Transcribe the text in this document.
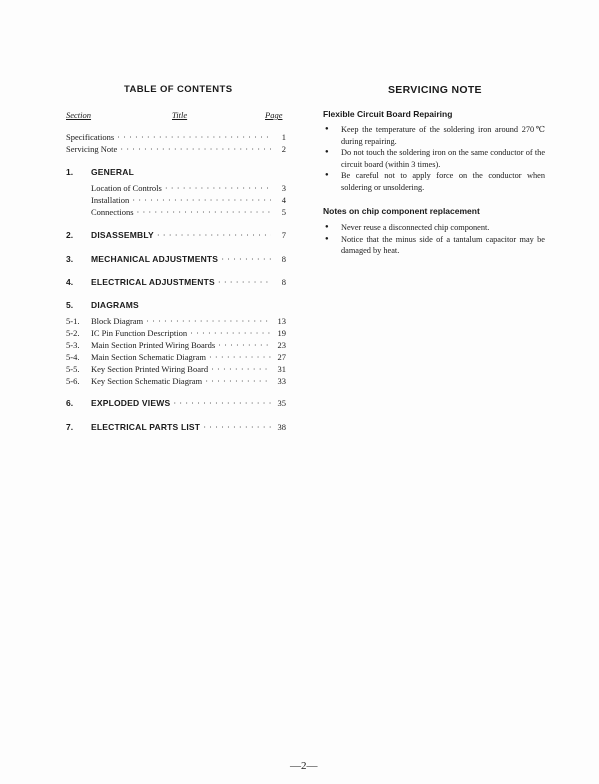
TABLE OF CONTENTS
Section	Title	Page
Specifications · · ·	1
Servicing Note · · ·	2
1.	GENERAL
Location of Controls · · ·	3
Installation · · ·	4
Connections · · ·	5
2.	DISASSEMBLY · · ·	7
3.	MECHANICAL ADJUSTMENTS · · ·	8
4.	ELECTRICAL ADJUSTMENTS · · ·	8
5.	DIAGRAMS
5-1.	Block Diagram · · ·	13
5-2.	IC Pin Function Description · · ·	19
5-3.	Main Section Printed Wiring Boards · · ·	23
5-4.	Main Section Schematic Diagram · · ·	27
5-5.	Key Section Printed Wiring Board · · ·	31
5-6.	Key Section Schematic Diagram · · ·	33
6.	EXPLODED VIEWS · · ·	35
7.	ELECTRICAL PARTS LIST · · ·	38
SERVICING NOTE
Flexible Circuit Board Repairing
● Keep the temperature of the soldering iron around 270℃ during repairing.
● Do not touch the soldering iron on the same conductor of the circuit board (within 3 times).
● Be careful not to apply force on the conductor when soldering or unsoldering.
Notes on chip component replacement
● Never reuse a disconnected chip component.
● Notice that the minus side of a tantalum capacitor may be damaged by heat.
—2—
